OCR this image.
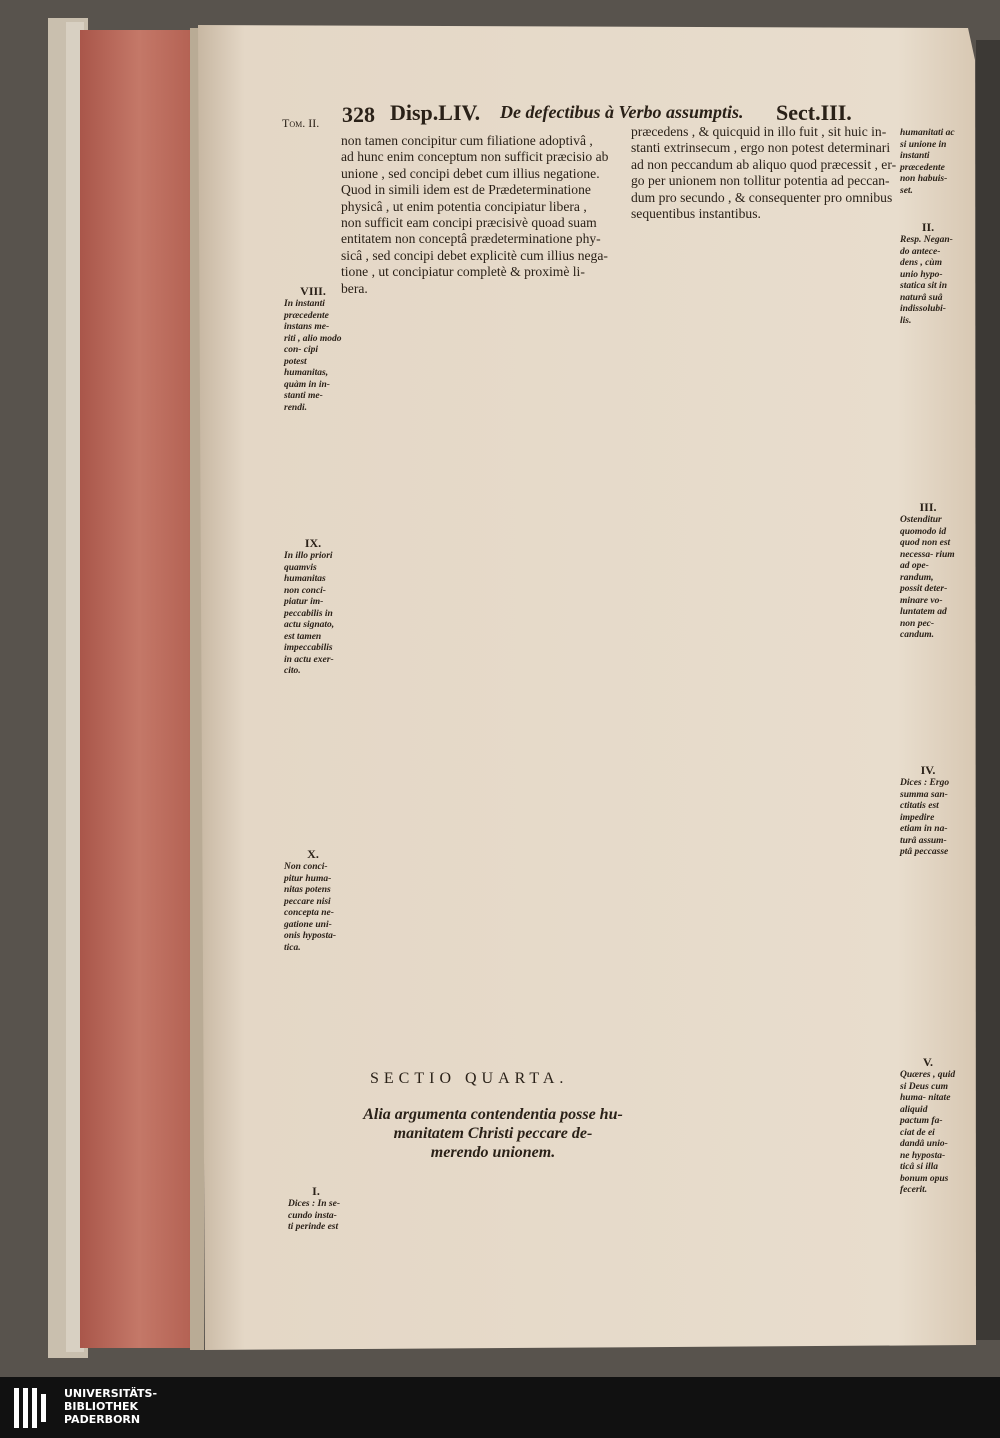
Tom. II. 328 Disp.LIV. De defectibus à Verbo assumptis. Sect.III.
non tamen concipitur cum filiatione adoptivâ ,
ad hunc enim conceptum non sufficit præcisio ab
unione , sed concipi debet cum illius negatione.
Quod in simili idem est de Prædeterminatione
physicâ , ut enim potentia concipiatur libera ,
non sufficit eam concipi præcisivè quoad suam
entitatem non conceptâ prædeterminatione phy-
sicâ , sed concipi debet explicitè cum illius nega-
tione , ut concipiatur completè & proximè li-
bera.
VIII.
In instanti præcedente instans me- riti , alio modo con- cipi potest humanitas, quàm in in- stanti me- rendi.
IX.
In illo priori quamvis humanitas non conci- piatur im- peccabilis in actu signato, est tamen impeccabilis in actu exer- cito.
X.
Non conci- pitur huma- nitas potens peccare nisi concepta ne- gatione uni- onis hyposta- tica.
I.
Dices : In se- cundo insta- ti perinde est
præcedens , & quicquid in illo fuit , sit huic in-
stanti extrinsecum , ergo non potest determinari
ad non peccandum ab aliquo quod præcessit , er-
go per unionem non tollitur potentia ad peccan-
dum pro secundo , & consequenter pro omnibus
sequentibus instantibus.
humanitati ac si unione in instanti præcedente non habuis- set.
II.
Resp. Negan- do antece- dens , cùm unio hypo- statica sit in naturâ suâ indissolubi- lis.
III.
Ostenditur quomodo id quod non est necessa- rium ad ope- randum, possit deter- minare vo- luntatem ad non pec- candum.
IV.
Dices : Ergo summa san- ctitatis est impedire etiam in na- turâ assum- ptâ peccasse
V.
Quæres , quid si Deus cum huma- nitate aliquid pactum fa- ciat de ei dandâ unio- ne hyposta- ticâ si illa bonum opus fecerit.
SECTIO QUARTA.
Alia argumenta contendentia posse hu-
manitatem Christi peccare de-
merendo unionem.
UNIVERSITÄTS-
BIBLIOTHEK
PADERBORN
